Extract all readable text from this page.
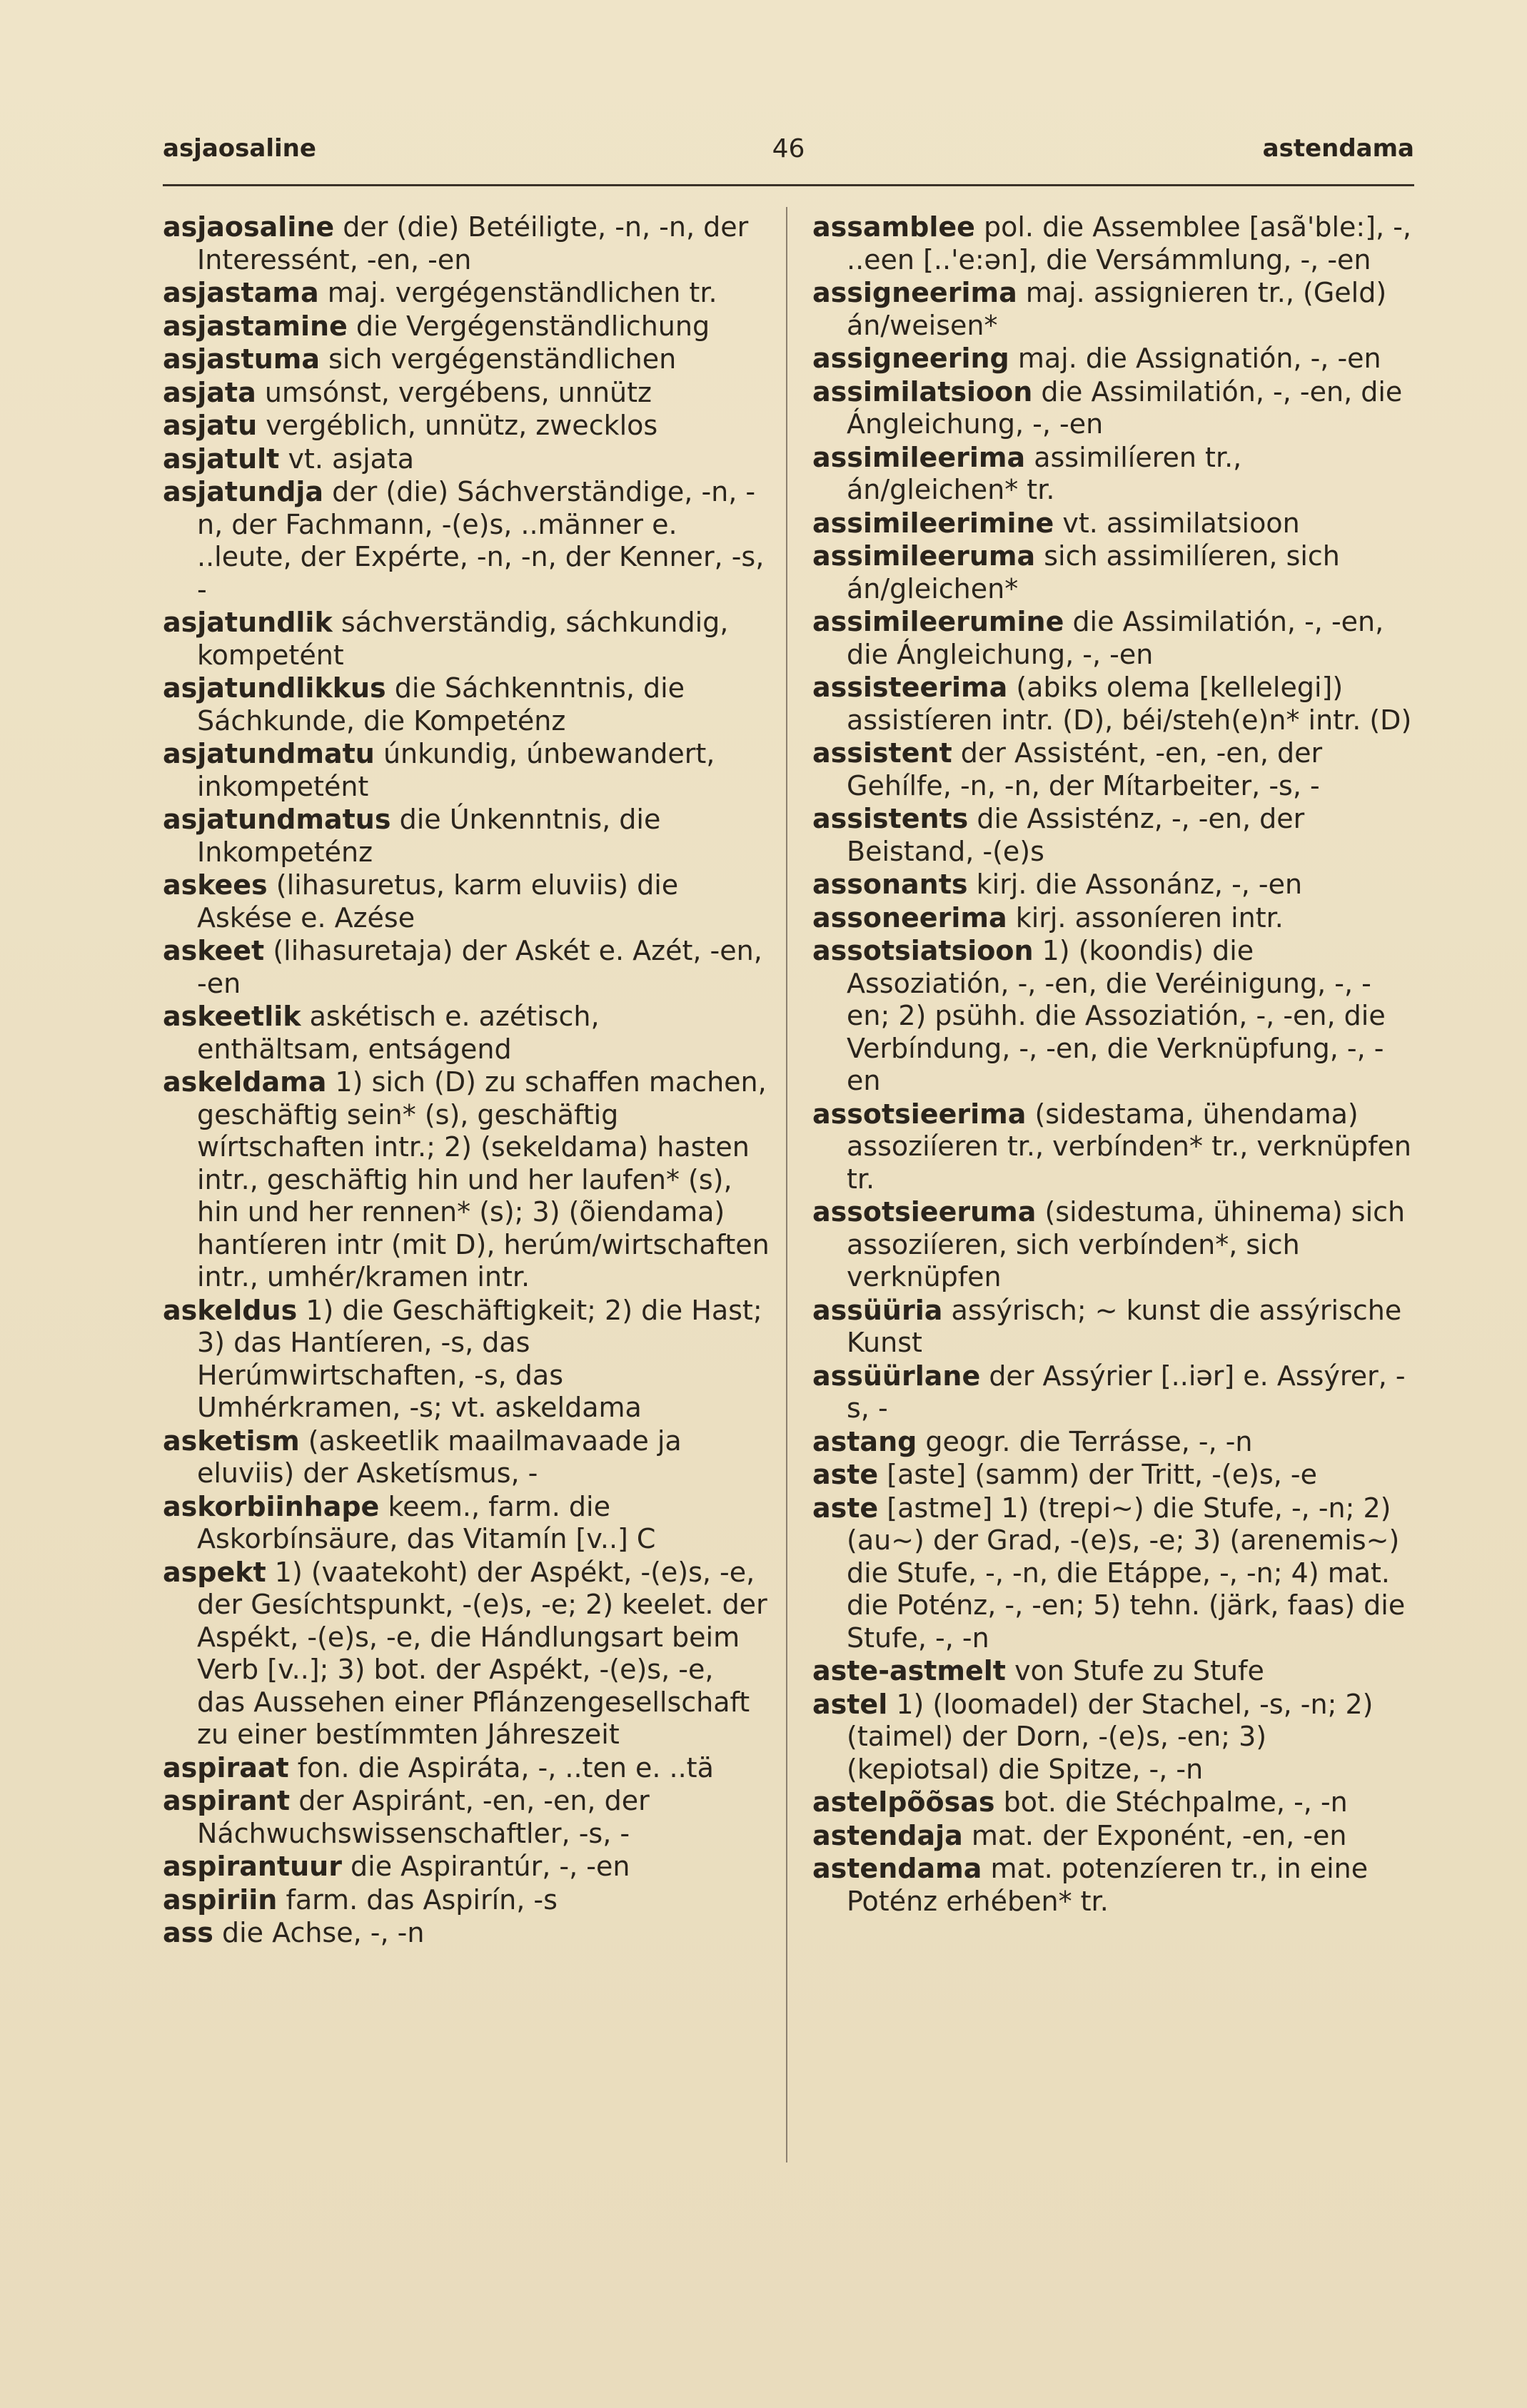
asjaosaline	46	astendama

asjaosaline der (die) Betéiligte, -n, -n, der Interessént, -en, -en

asjastama maj. vergégenständlichen tr.

asjastamine die Vergégenständlichung

asjastuma sich vergégenständlichen

asjata umsónst, vergébens, unnütz

asjatu vergéblich, unnütz, zwecklos

asjatult vt. asjata

asjatundja der (die) Sáchverständige, -n, -n, der Fachmann, -(e)s, ..männer e. ..leute, der Expérte, -n, -n, der Kenner, -s, -

asjatundlik sáchverständig, sáchkundig, kompetént

asjatundlikkus die Sáchkenntnis, die Sáchkunde, die Kompeténz

asjatundmatu únkundig, únbewandert, inkompetént

asjatundmatus die Únkenntnis, die Inkompeténz

askees (lihasuretus, karm eluviis) die Askése e. Azése

askeet (lihasuretaja) der Askét e. Azét, -en, -en

askeetlik askétisch e. azétisch, enthältsam, entságend

askeldama 1) sich (D) zu schaffen machen, geschäftig sein* (s), geschäftig wírtschaften intr.; 2) (sekeldama) hasten intr., geschäftig hin und her laufen* (s), hin und her rennen* (s); 3) (õiendama) hantíeren intr (mit D), herúm/wirtschaften intr., umhér/kramen intr.

askeldus 1) die Geschäftigkeit; 2) die Hast; 3) das Hantíeren, -s, das Herúmwirtschaften, -s, das Umhérkramen, -s; vt. askeldama

asketism (askeetlik maailmavaade ja eluviis) der Asketísmus, -

askorbiinhape keem., farm. die Askorbínsäure, das Vitamín [v..] C

aspekt 1) (vaatekoht) der Aspékt, -(e)s, -e, der Gesíchtspunkt, -(e)s, -e; 2) keelet. der Aspékt, -(e)s, -e, die Hándlungsart beim Verb [v..]; 3) bot. der Aspékt, -(e)s, -e, das Aussehen einer Pflánzengesellschaft zu einer bestímmten Jáhreszeit

aspiraat fon. die Aspiráta, -, ..ten e. ..tä

aspirant der Aspiránt, -en, -en, der Náchwuchswissenschaftler, -s, -

aspirantuur die Aspirantúr, -, -en

aspiriin farm. das Aspirín, -s

ass die Achse, -, -n

assamblee pol. die Assemblee [asã'ble:], -, ..een [..'e:ən], die Versámmlung, -, -en

assigneerima maj. assignieren tr., (Geld) án/weisen*

assigneering maj. die Assignatión, -, -en

assimilatsioon die Assimilatión, -, -en, die Ángleichung, -, -en

assimileerima assimilíeren tr., án/gleichen* tr.

assimileerimine vt. assimilatsioon

assimileeruma sich assimilíeren, sich án/gleichen*

assimileerumine die Assimilatión, -, -en, die Ángleichung, -, -en

assisteerima (abiks olema [kellelegi]) assistíeren intr. (D), béi/steh(e)n* intr. (D)

assistent der Assistént, -en, -en, der Gehílfe, -n, -n, der Mítarbeiter, -s, -

assistents die Assisténz, -, -en, der Beistand, -(e)s

assonants kirj. die Assonánz, -, -en

assoneerima kirj. assoníeren intr.

assotsiatsioon 1) (koondis) die Assoziatión, -, -en, die Veréinigung, -, -en; 2) psühh. die Assoziatión, -, -en, die Verbíndung, -, -en, die Verknüpfung, -, -en

assotsieerima (sidestama, ühendama) assoziíeren tr., verbínden* tr., verknüpfen tr.

assotsieeruma (sidestuma, ühinema) sich assoziíeren, sich verbínden*, sich verknüpfen

assüüria assýrisch; ~ kunst die assýrische Kunst

assüürlane der Assýrier [..iər] e. Assýrer, -s, -

astang geogr. die Terrásse, -, -n

aste [aste] (samm) der Tritt, -(e)s, -e

aste [astme] 1) (trepi~) die Stufe, -, -n; 2) (au~) der Grad, -(e)s, -e; 3) (arenemis~) die Stufe, -, -n, die Etáppe, -, -n; 4) mat. die Poténz, -, -en; 5) tehn. (järk, faas) die Stufe, -, -n

aste-astmelt von Stufe zu Stufe

astel 1) (loomadel) der Stachel, -s, -n; 2) (taimel) der Dorn, -(e)s, -en; 3) (kepiotsal) die Spitze, -, -n

astelpõõsas bot. die Stéchpalme, -, -n

astendaja mat. der Exponént, -en, -en

astendama mat. potenzíeren tr., in eine Poténz erhében* tr.
